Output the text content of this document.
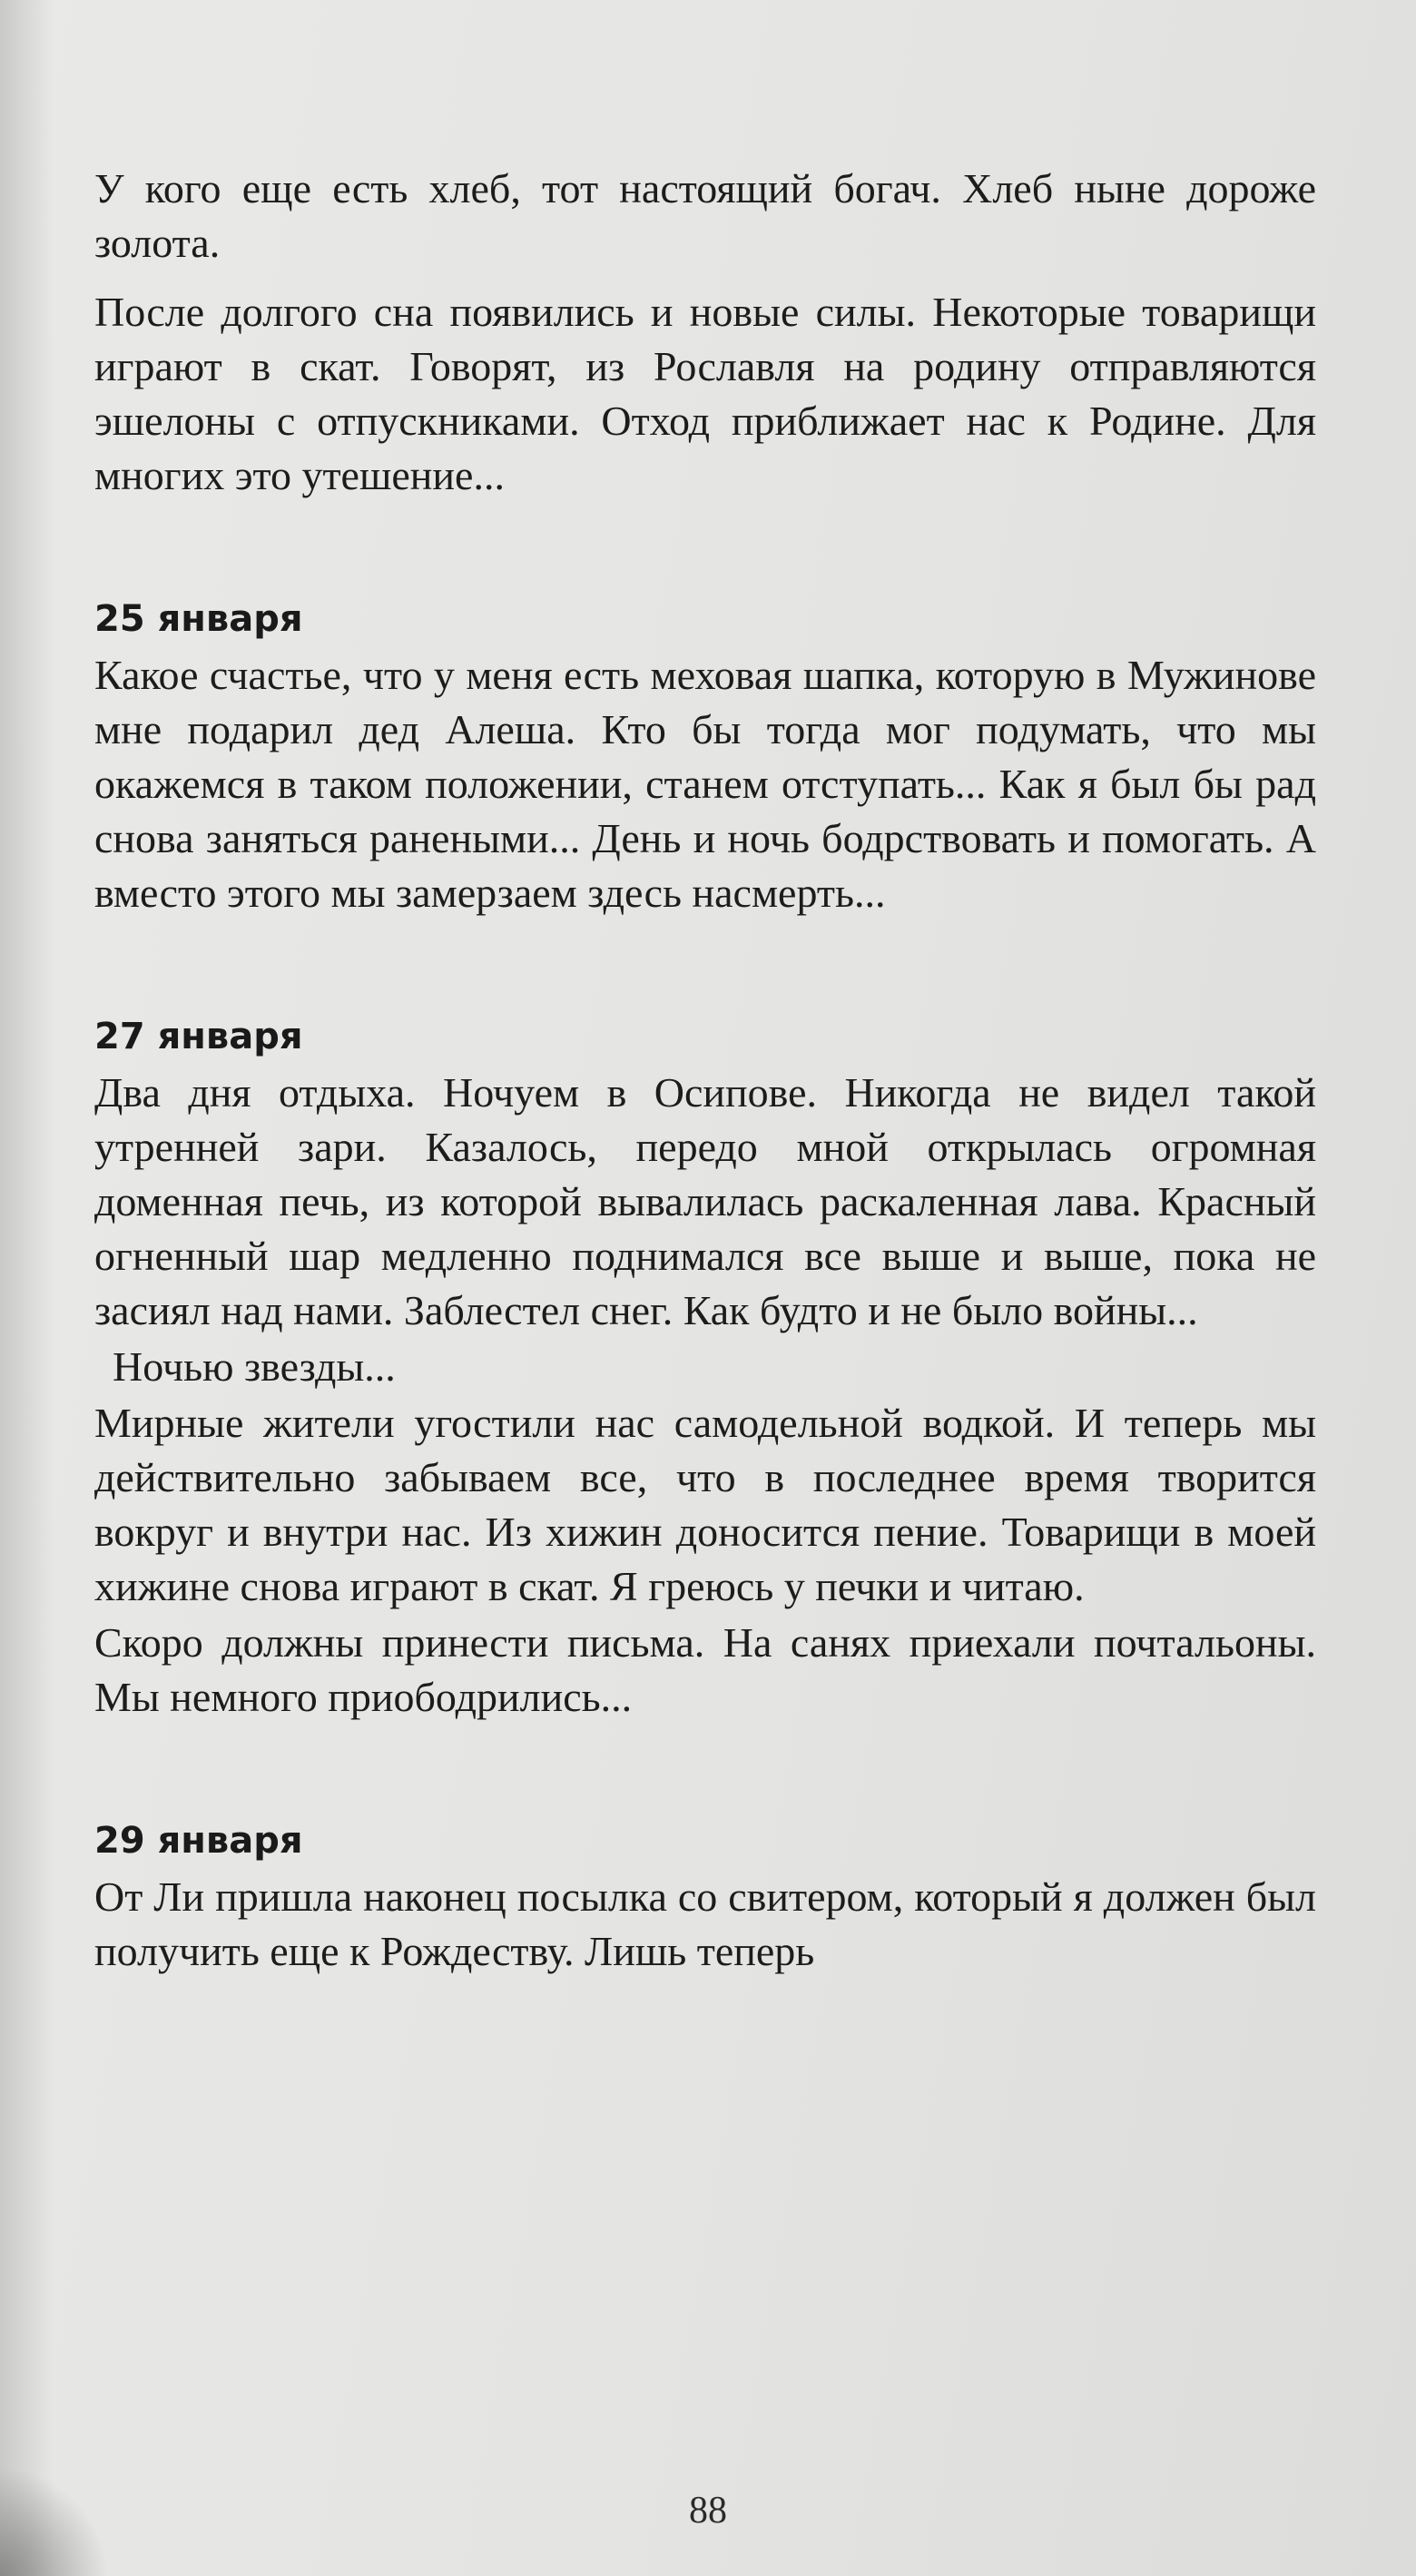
У кого еще есть хлеб, тот настоящий богач. Хлеб ныне дороже золота.

После долгого сна появились и новые силы. Некоторые товарищи играют в скат. Говорят, из Рославля на родину отправляются эшелоны с отпускниками. Отход приближает нас к Родине. Для многих это утешение...

25 января

Какое счастье, что у меня есть меховая шапка, которую в Мужинове мне подарил дед Алеша. Кто бы тогда мог подумать, что мы окажемся в таком положении, станем отступать... Как я был бы рад снова заняться ранеными... День и ночь бодрствовать и помогать. А вместо этого мы замерзаем здесь насмерть...

27 января

Два дня отдыха. Ночуем в Осипове. Никогда не видел такой утренней зари. Казалось, передо мной открылась огромная доменная печь, из которой вывалилась раскаленная лава. Красный огненный шар медленно поднимался все выше и выше, пока не засиял над нами. Заблестел снег. Как будто и не было войны...

Ночью звезды...

Мирные жители угостили нас самодельной водкой. И теперь мы действительно забываем все, что в последнее время творится вокруг и внутри нас. Из хижин доносится пение. Товарищи в моей хижине снова играют в скат. Я греюсь у печки и читаю.

Скоро должны принести письма. На санях приехали почтальоны. Мы немного приободрились...

29 января

От Ли пришла наконец посылка со свитером, который я должен был получить еще к Рождеству. Лишь теперь

88
